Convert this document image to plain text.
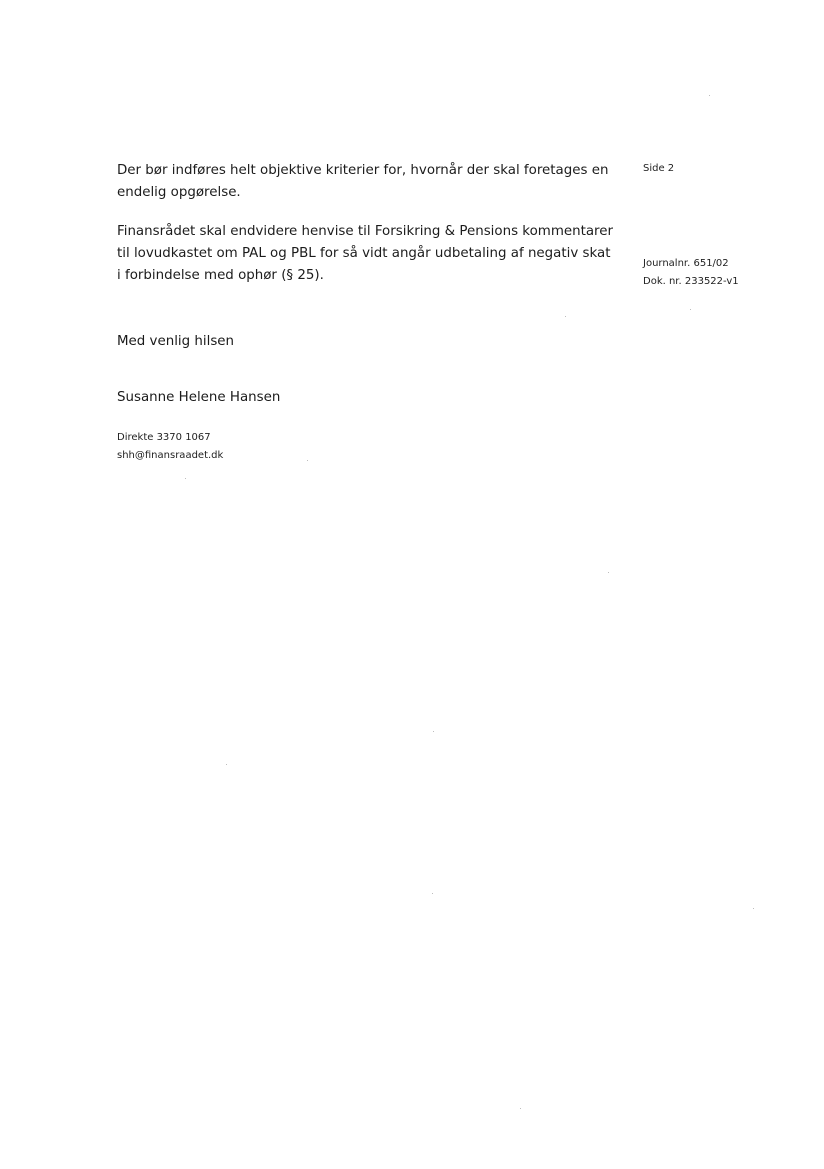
Der bør indføres helt objektive kriterier for, hvornår der skal foretages en endelig opgørelse.

Finansrådet skal endvidere henvise til Forsikring & Pensions kommentarer til lovudkastet om PAL og PBL for så vidt angår udbetaling af negativ skat i forbindelse med ophør (§ 25).

Med venlig hilsen

Susanne Helene Hansen

Direkte 3370 1067
shh@finansraadet.dk
Side 2
Journalnr. 651/02
Dok. nr. 233522-v1
